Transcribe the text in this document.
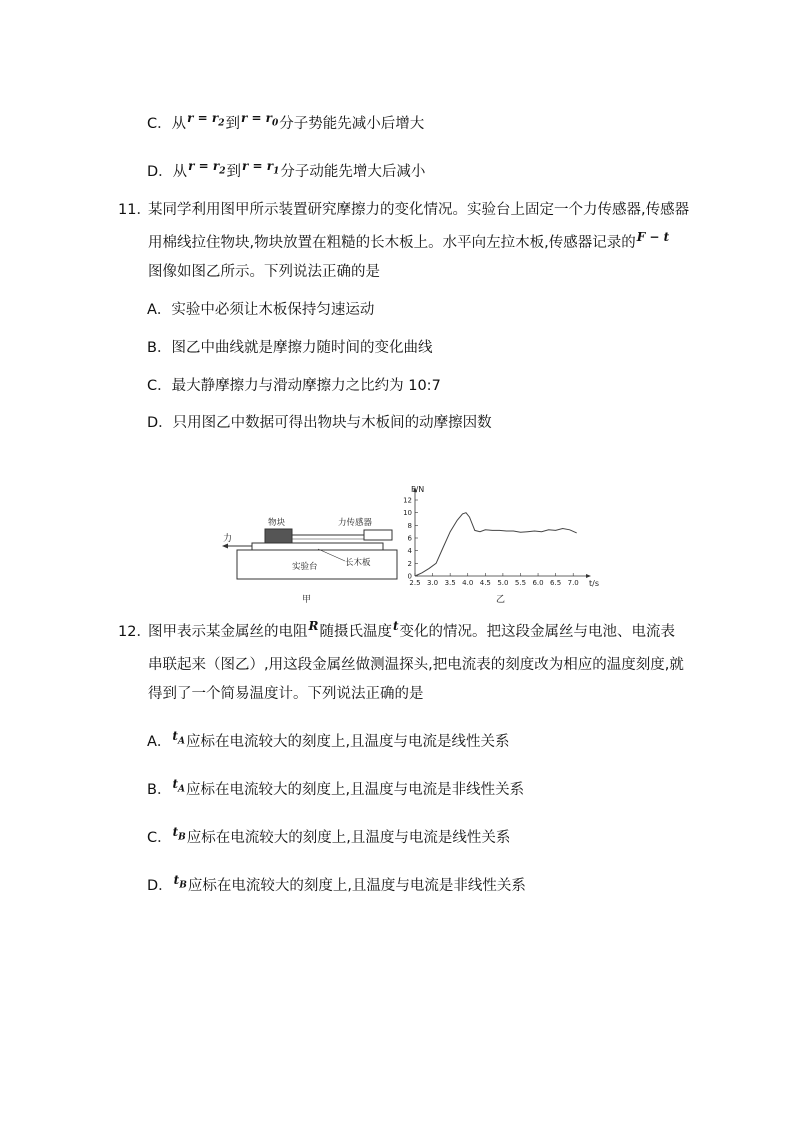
C．从$^{r = r_2}$到$^{r = r_0}$分子势能先减小后增大
D．从$^{r = r_2}$到$^{r = r_1}$分子动能先增大后减小
11．
某同学利用图甲所示装置研究摩擦力的变化情况。实验台上固定一个力传感器,传感器
用棉线拉住物块,物块放置在粗糙的长木板上。水平向左拉木板,传感器记录的$^{F - t}$
图像如图乙所示。下列说法正确的是
A．实验中必须让木板保持匀速运动
B．图乙中曲线就是摩擦力随时间的变化曲线
C．最大静摩擦力与滑动摩擦力之比约为 10:7
D．只用图乙中数据可得出物块与木板间的动摩擦因数
物块	力传感器
力
长木板
实验台
甲
F/N
t/s
0
2
4
6
8
10
12
2.5 3.0 3.5 4.0 4.5 5.0 5.5 6.0 6.5 7.0
乙
12．
图甲表示某金属丝的电阻$^R$随摄氏温度$^t$变化的情况。把这段金属丝与电池、电流表
串联起来（图乙）,用这段金属丝做测温探头,把电流表的刻度改为相应的温度刻度,就
得到了一个简易温度计。下列说法正确的是
A．$^{t_A}$应标在电流较大的刻度上,且温度与电流是线性关系
B．$^{t_A}$应标在电流较大的刻度上,且温度与电流是非线性关系
C．$^{t_B}$应标在电流较大的刻度上,且温度与电流是线性关系
D．$^{t_B}$应标在电流较大的刻度上,且温度与电流是非线性关系
